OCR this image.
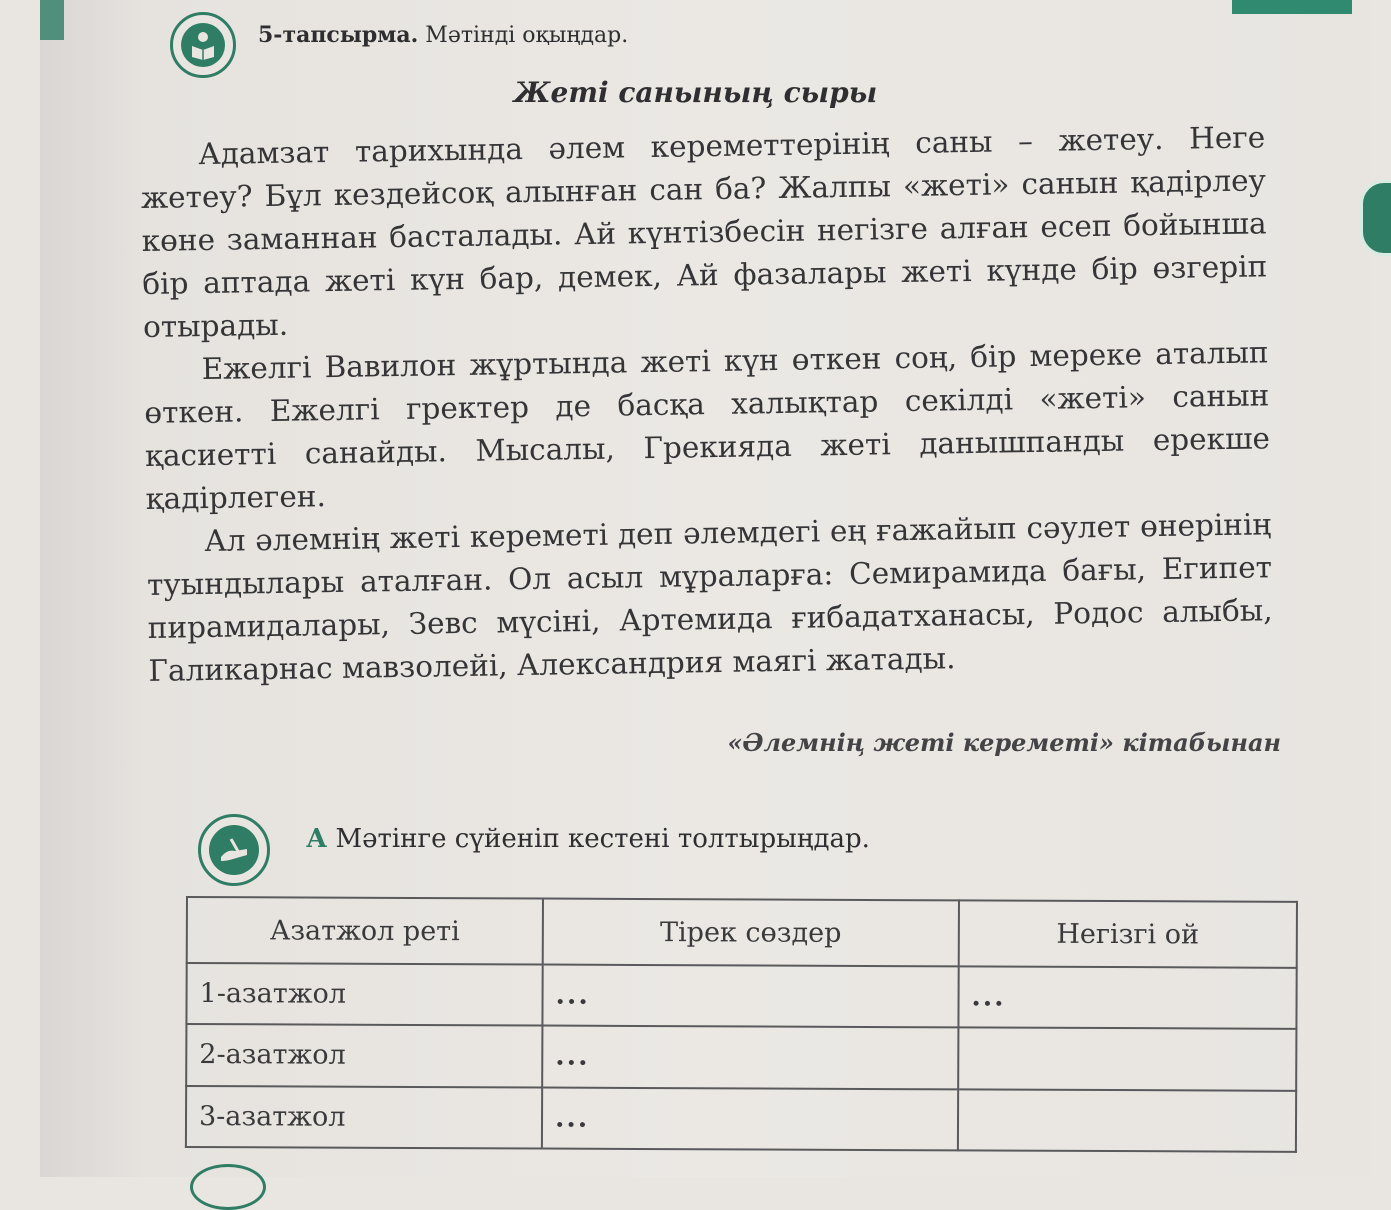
5-тапсырма. Мәтінді оқыңдар.
Жеті санының сыры

Адамзат тарихында әлем кереметтерінің саны – жетеу. Неге жетеу? Бұл кездейсоқ алынған сан ба? Жалпы «жеті» санын қадірлеу көне заманнан басталады. Ай күнтізбесін негізге алған есеп бойынша бір аптада жеті күн бар, демек, Ай фазалары жеті күнде бір өзгеріп отырады.

Ежелгі Вавилон жұртында жеті күн өткен соң, бір мереке аталып өткен. Ежелгі гректер де басқа халықтар секілді «жеті» санын қасиетті санайды. Мысалы, Грекияда жеті данышпанды ерекше қадірлеген.

Ал әлемнің жеті кереметі деп әлемдегі ең ғажайып сәулет өнерінің туындылары аталған. Ол асыл мұраларға: Семирамида бағы, Египет пирамидалары, Зевс мүсіні, Артемида ғибадатханасы, Родос алыбы, Галикарнас мавзолейі, Александрия маягі жатады.

«Әлемнің жеті кереметі» кітабынан
А Мәтінге сүйеніп кестені толтырыңдар.
Азатжол реті	Тірек сөздер	Негізгі ой
1-азатжол	...	...
2-азатжол	...	
3-азатжол	...	
